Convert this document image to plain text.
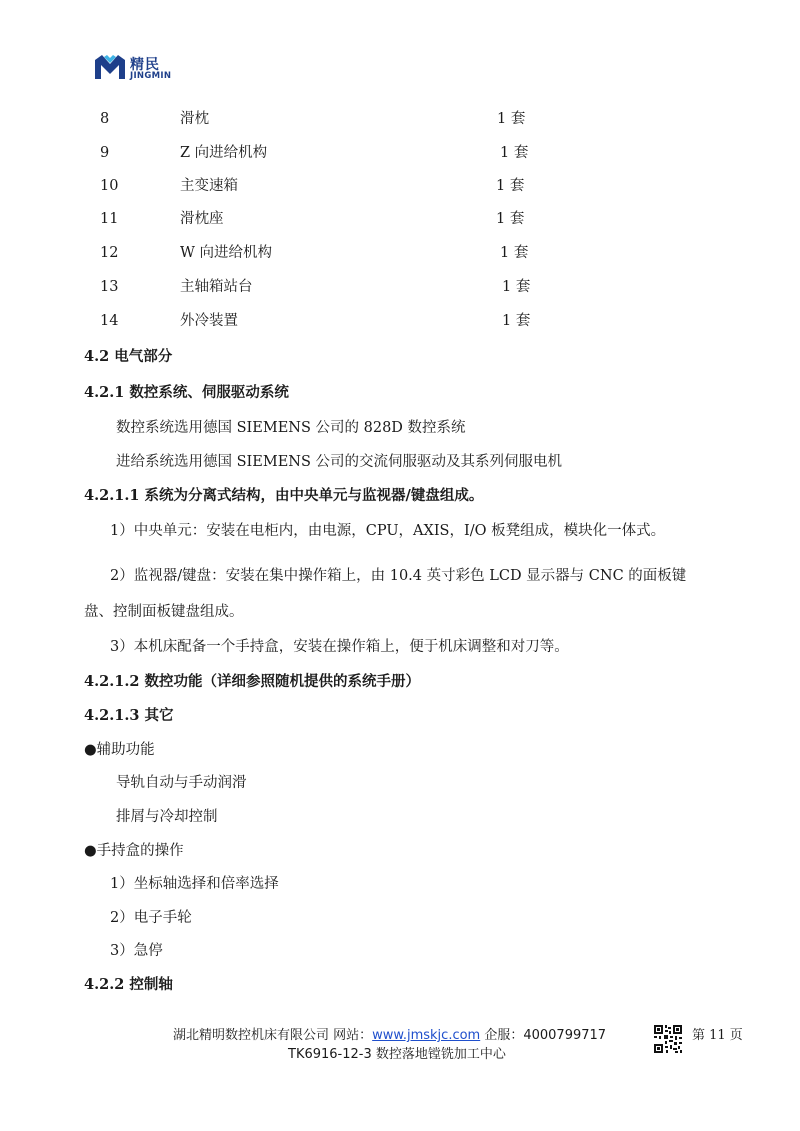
精民
JINGMIN
8	滑枕	1 套
9	Z 向进给机构	1 套
10	主变速箱	1 套
11	滑枕座	1 套
12	W 向进给机构	1 套
13	主轴箱站台	1 套
14	外冷装置	1 套
4.2 电气部分
4.2.1 数控系统、伺服驱动系统
数控系统选用德国 SIEMENS 公司的 828D 数控系统
进给系统选用德国 SIEMENS 公司的交流伺服驱动及其系列伺服电机
4.2.1.1 系统为分离式结构，由中央单元与监视器/键盘组成。
1）中央单元：安装在电柜内，由电源，CPU，AXIS，I/O 板凳组成，模块化一体式。
2）监视器/键盘：安装在集中操作箱上，由 10.4 英寸彩色 LCD 显示器与 CNC 的面板键
盘、控制面板键盘组成。
3）本机床配备一个手持盒，安装在操作箱上，便于机床调整和对刀等。
4.2.1.2 数控功能（详细参照随机提供的系统手册）
4.2.1.3 其它
●辅助功能
导轨自动与手动润滑
排屑与冷却控制
●手持盒的操作
1）坐标轴选择和倍率选择
2）电子手轮
3）急停
4.2.2 控制轴
湖北精明数控机床有限公司 网站：www.jmskjc.com 企服：4000799717
TK6916-12-3 数控落地镗铣加工中心
第 11 页
